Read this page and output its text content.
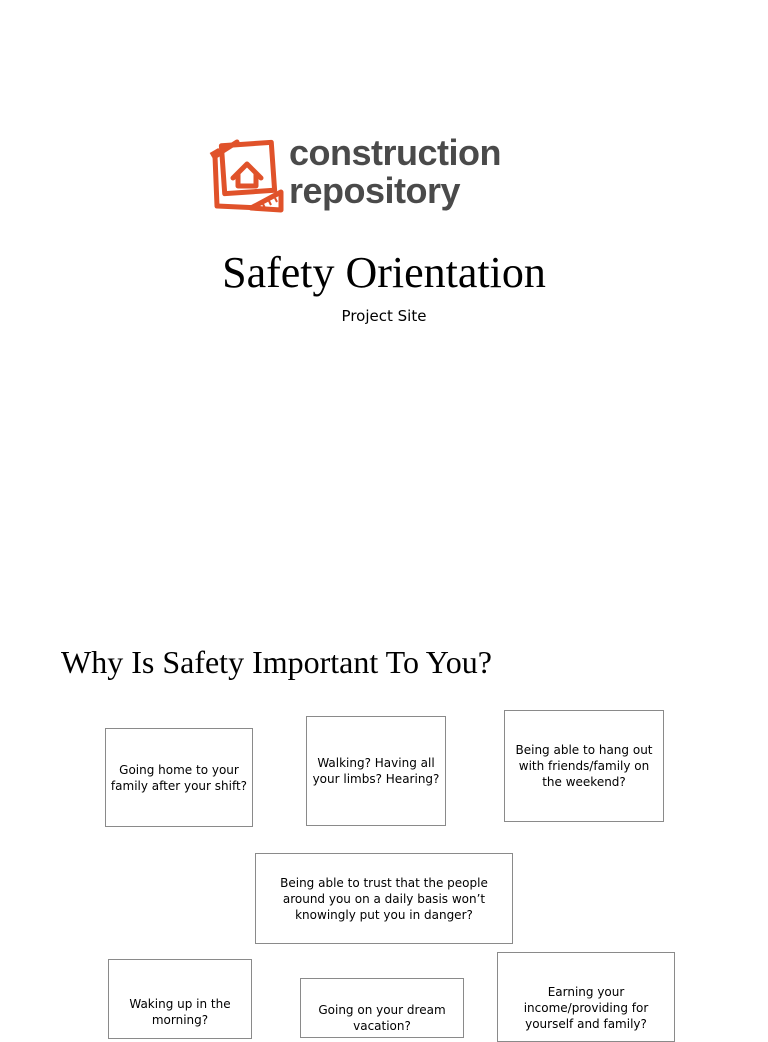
construction
repository
Safety Orientation
Project Site
Why Is Safety Important To You?
Going home to your family after your shift?
Walking? Having all your limbs? Hearing?
Being able to hang out with friends/family on the weekend?
Being able to trust that the people around you on a daily basis won’t knowingly put you in danger?
Waking up in the morning?
Going on your dream vacation?
Earning your income/providing for yourself and family?
